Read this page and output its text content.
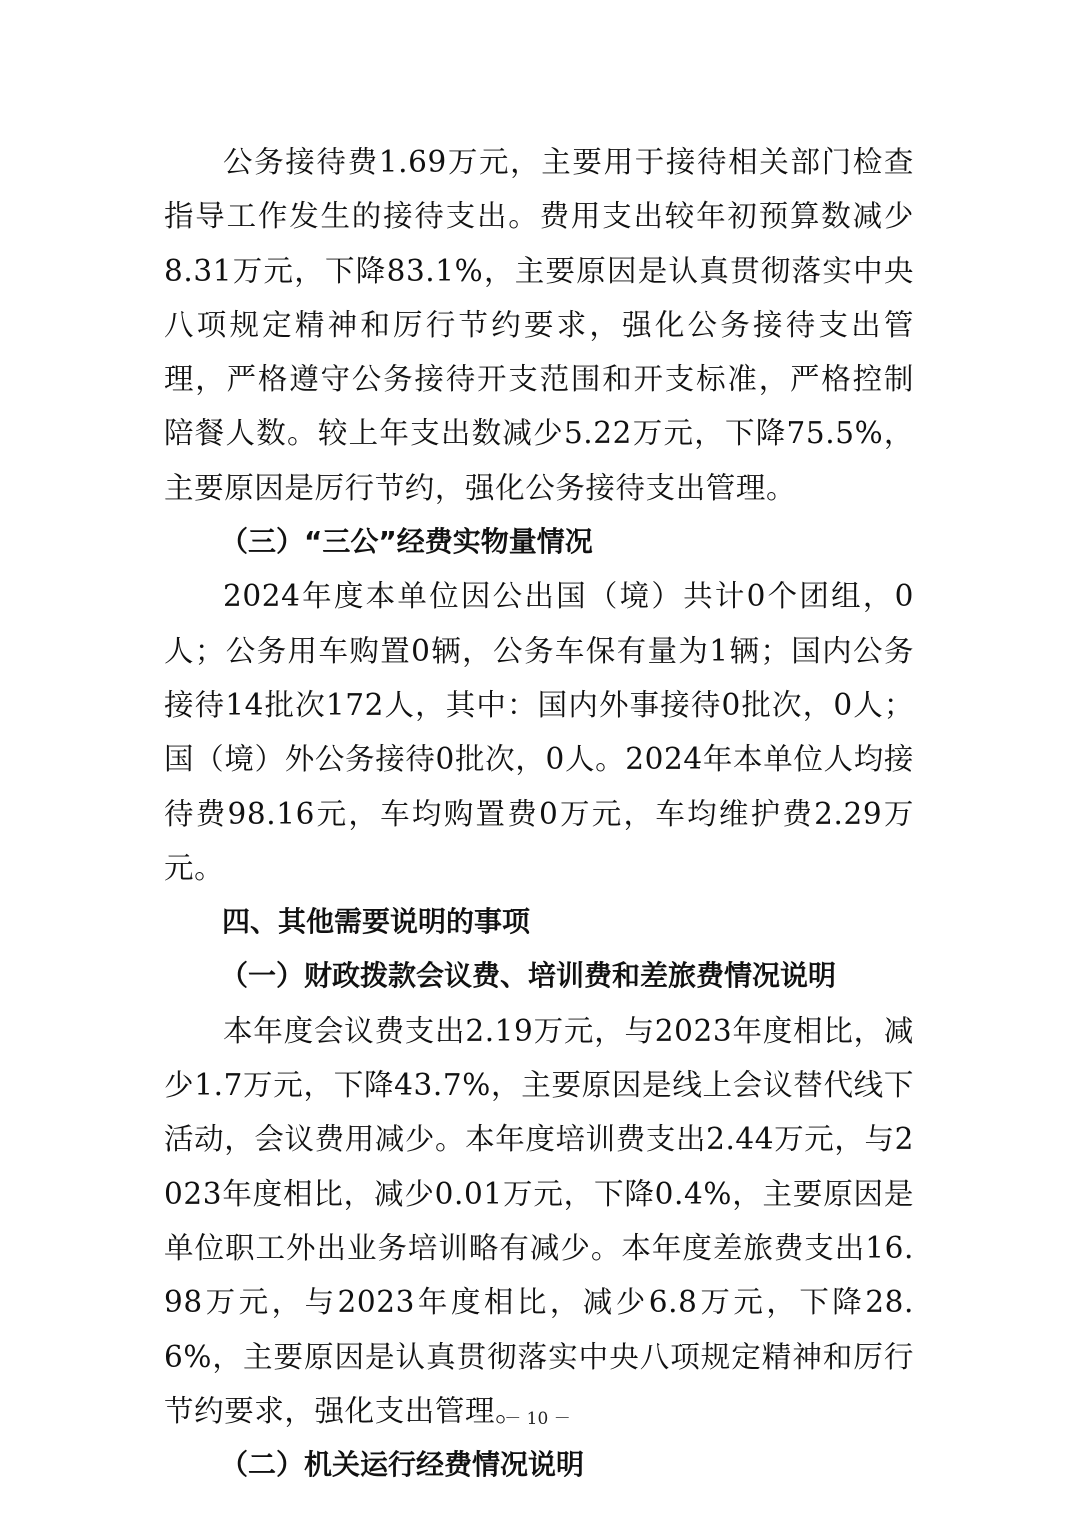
公务接待费1.69万元，主要用于接待相关部门检查指导工作发生的接待支出。费用支出较年初预算数减少8.31万元，下降83.1%，主要原因是认真贯彻落实中央八项规定精神和厉行节约要求，强化公务接待支出管理，严格遵守公务接待开支范围和开支标准，严格控制陪餐人数。较上年支出数减少5.22万元，下降75.5%，主要原因是厉行节约，强化公务接待支出管理。

（三）“三公”经费实物量情况

2024年度本单位因公出国（境）共计0个团组，0人；公务用车购置0辆，公务车保有量为1辆；国内公务接待14批次172人，其中：国内外事接待0批次，0人；国（境）外公务接待0批次，0人。2024年本单位人均接待费98.16元，车均购置费0万元，车均维护费2.29万元。

四、其他需要说明的事项

（一）财政拨款会议费、培训费和差旅费情况说明

本年度会议费支出2.19万元，与2023年度相比，减少1.7万元，下降43.7%，主要原因是线上会议替代线下活动，会议费用减少。本年度培训费支出2.44万元，与2023年度相比，减少0.01万元，下降0.4%，主要原因是单位职工外出业务培训略有减少。本年度差旅费支出16.98万元，与2023年度相比，减少6.8万元，下降28.6%，主要原因是认真贯彻落实中央八项规定精神和厉行节约要求，强化支出管理。

（二）机关运行经费情况说明

－ 10 －
